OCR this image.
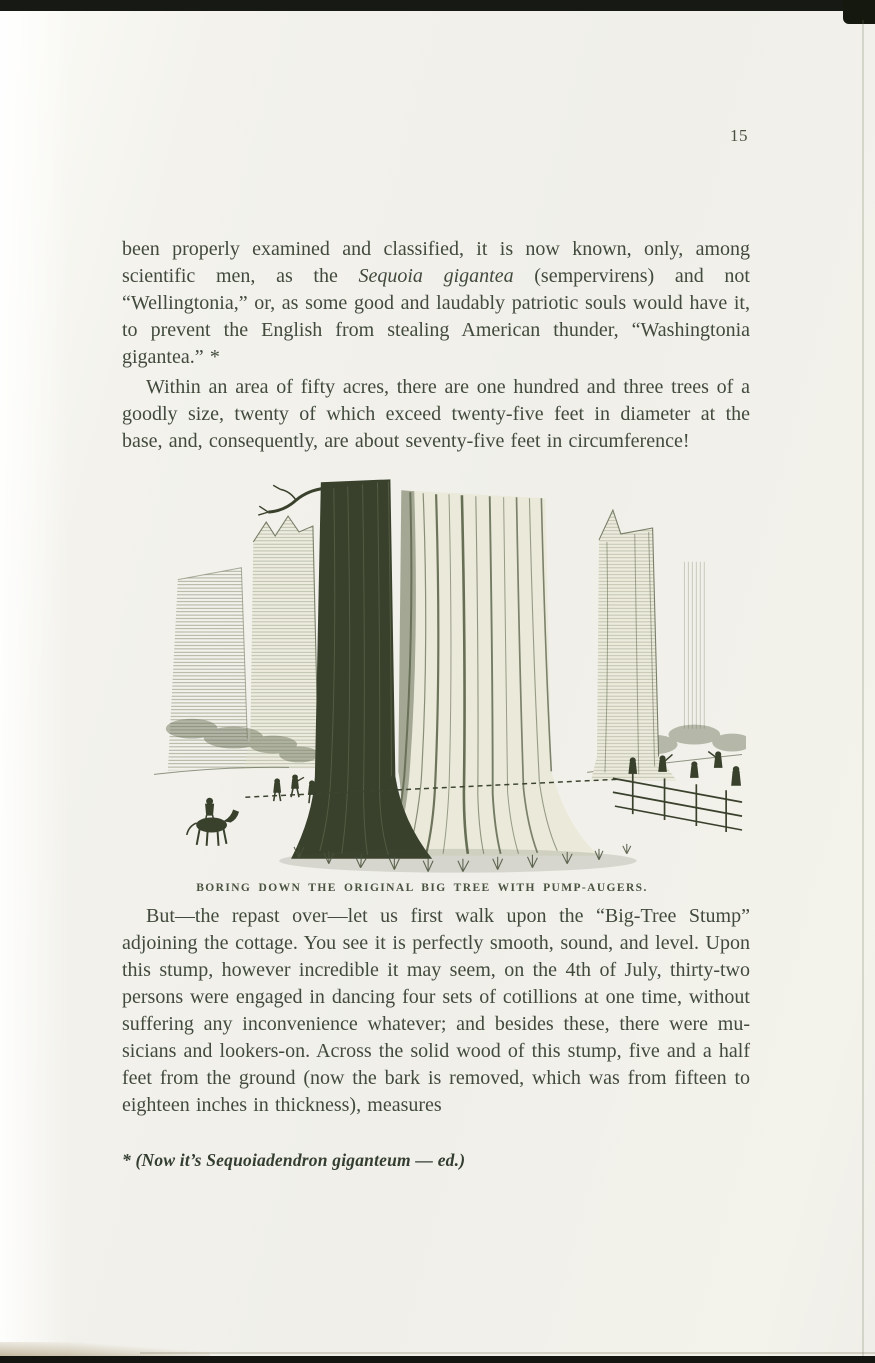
15

been properly examined and classified, it is now known, only, among scientific men, as the Sequoia gigantea (sempervirens) and not “Wellingtonia,” or, as some good and laudably patriotic souls would have it, to prevent the English from stealing American thunder, “Washingtonia gigantea.” *

Within an area of fifty acres, there are one hundred and three trees of a goodly size, twenty of which exceed twenty-five feet in diameter at the base, and, consequently, are about seventy-five feet in circumference!

BORING DOWN THE ORIGINAL BIG TREE WITH PUMP-AUGERS.

But—the repast over—let us first walk upon the “Big-Tree Stump” adjoining the cottage. You see it is perfectly smooth, sound, and level. Upon this stump, however incredible it may seem, on the 4th of July, thirty-two persons were engaged in dancing four sets of cotillions at one time, without suffering any inconvenience whatever; and besides these, there were mu-sicians and lookers-on. Across the solid wood of this stump, five and a half feet from the ground (now the bark is removed, which was from fifteen to eighteen inches in thickness), measures

* (Now it’s Sequoiadendron giganteum — ed.)
